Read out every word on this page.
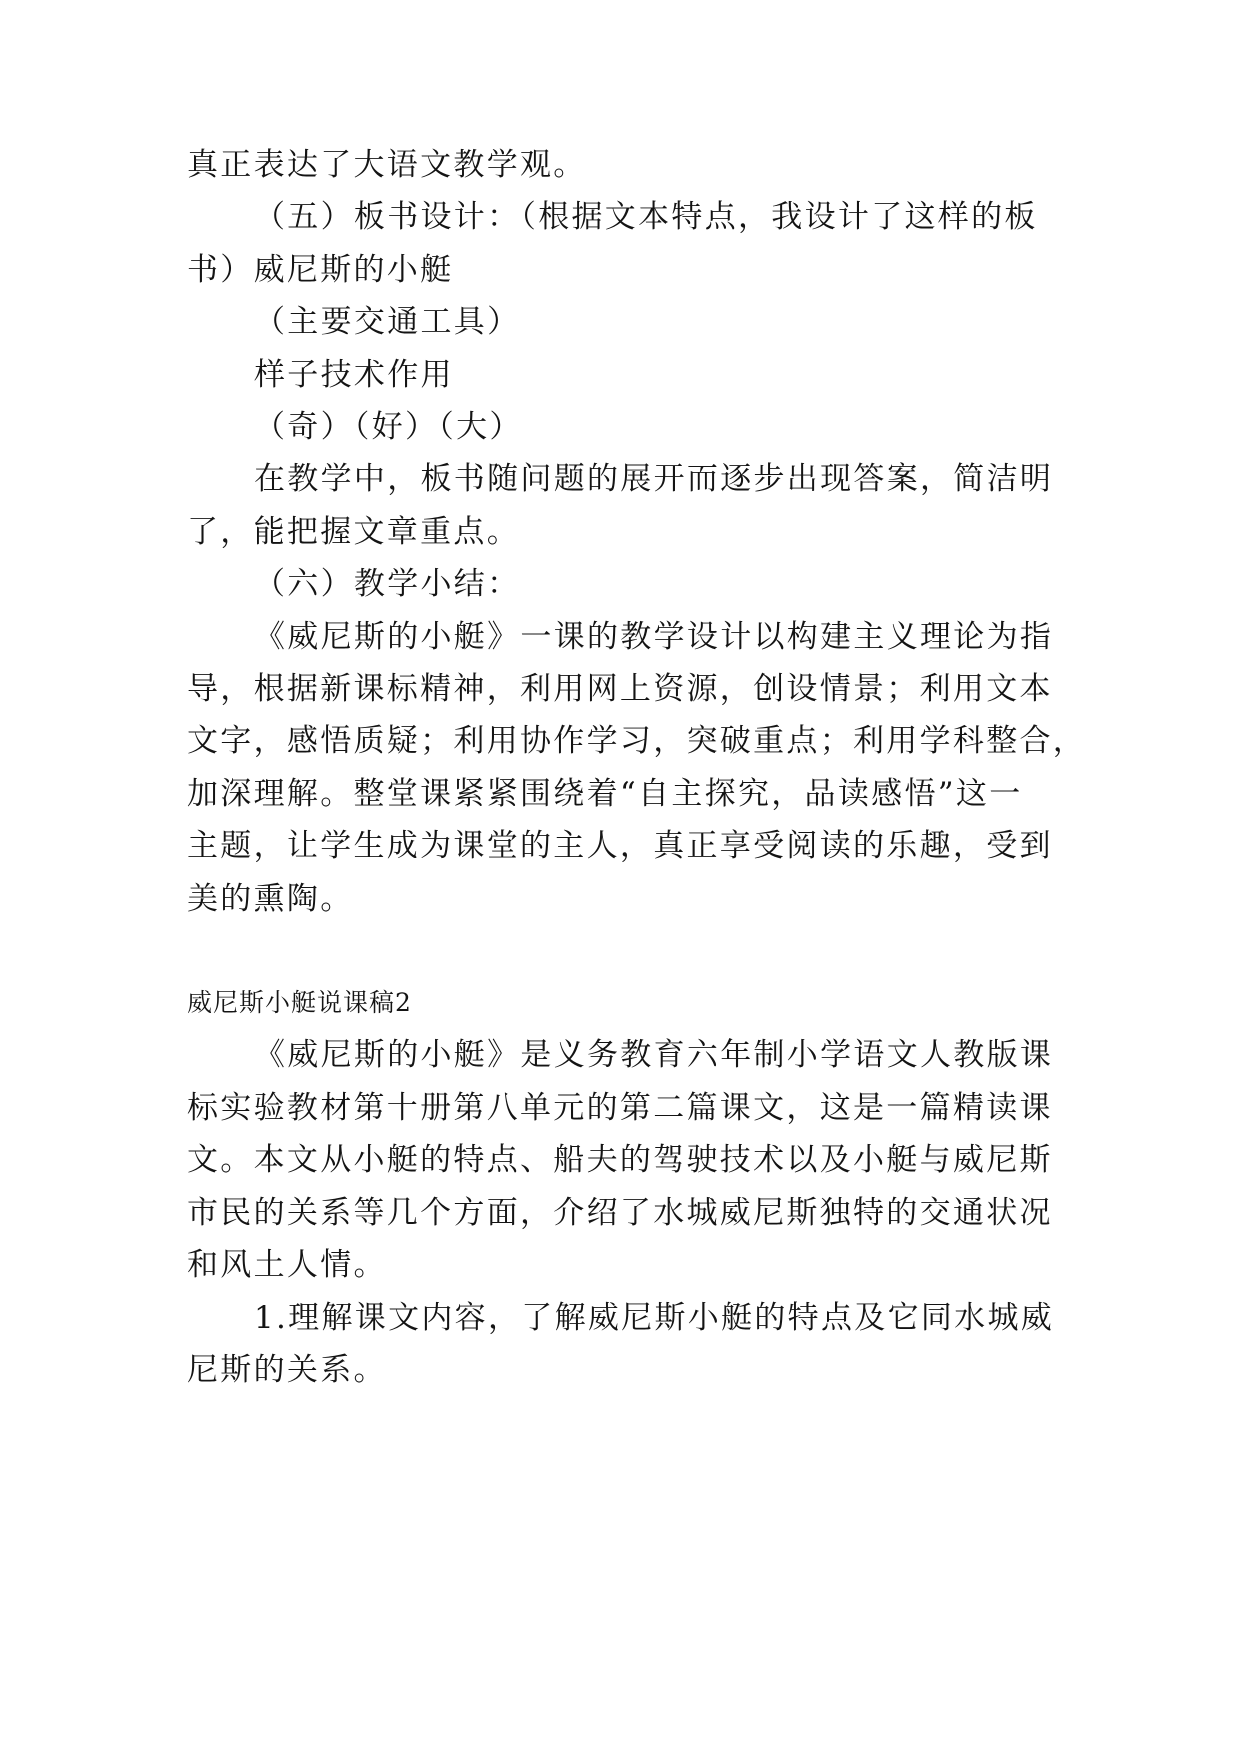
真正表达了大语文教学观。
（五）板书设计：（根据文本特点，我设计了这样的板
书）威尼斯的小艇
（主要交通工具）
样子技术作用
（奇）（好）（大）
在教学中，板书随问题的展开而逐步出现答案，简洁明
了，能把握文章重点。
（六）教学小结：
《威尼斯的小艇》一课的教学设计以构建主义理论为指
导，根据新课标精神，利用网上资源，创设情景；利用文本
文字，感悟质疑；利用协作学习，突破重点；利用学科整合，
加深理解。整堂课紧紧围绕着“自主探究，品读感悟”这一
主题，让学生成为课堂的主人，真正享受阅读的乐趣，受到
美的熏陶。
威尼斯小艇说课稿2
《威尼斯的小艇》是义务教育六年制小学语文人教版课
标实验教材第十册第八单元的第二篇课文，这是一篇精读课
文。本文从小艇的特点、船夫的驾驶技术以及小艇与威尼斯
市民的关系等几个方面，介绍了水城威尼斯独特的交通状况
和风土人情。
1.理解课文内容，了解威尼斯小艇的特点及它同水城威
尼斯的关系。
